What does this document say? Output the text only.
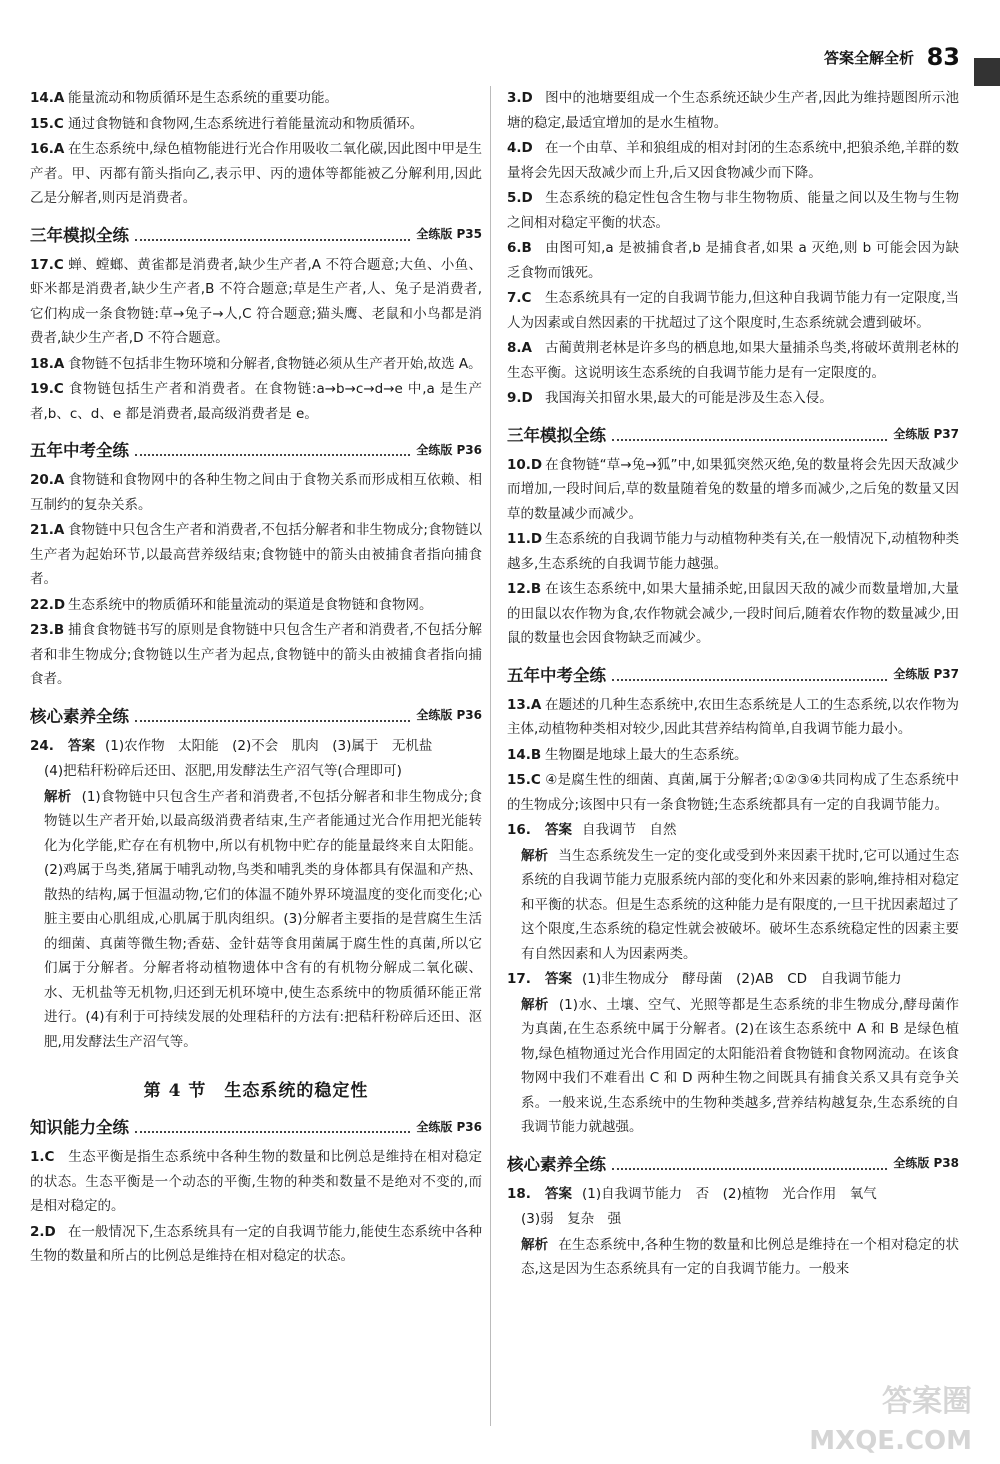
答案全解全析 83
14.A 能量流动和物质循环是生态系统的重要功能。
15.C 通过食物链和食物网,生态系统进行着能量流动和物质循环。
16.A 在生态系统中,绿色植物能进行光合作用吸收二氧化碳,因此图中甲是生产者。甲、丙都有箭头指向乙,表示甲、丙的遗体等都能被乙分解利用,因此乙是分解者,则丙是消费者。
三年模拟全练	全练版 P35
17.C 蝉、螳螂、黄雀都是消费者,缺少生产者,A 不符合题意;大鱼、小鱼、虾米都是消费者,缺少生产者,B 不符合题意;草是生产者,人、兔子是消费者,它们构成一条食物链:草→兔子→人,C 符合题意;猫头鹰、老鼠和小鸟都是消费者,缺少生产者,D 不符合题意。
18.A 食物链不包括非生物环境和分解者,食物链必须从生产者开始,故选 A。
19.C 食物链包括生产者和消费者。在食物链:a→b→c→d→e 中,a 是生产者,b、c、d、e 都是消费者,最高级消费者是 e。
五年中考全练	全练版 P36
20.A 食物链和食物网中的各种生物之间由于食物关系而形成相互依赖、相互制约的复杂关系。
21.A 食物链中只包含生产者和消费者,不包括分解者和非生物成分;食物链以生产者为起始环节,以最高营养级结束;食物链中的箭头由被捕食者指向捕食者。
22.D 生态系统中的物质循环和能量流动的渠道是食物链和食物网。
23.B 捕食食物链书写的原则是食物链中只包含生产者和消费者,不包括分解者和非生物成分;食物链以生产者为起点,食物链中的箭头由被捕食者指向捕食者。
核心素养全练	全练版 P36
24. 答案 (1)农作物　太阳能　(2)不会　肌肉　(3)属于　无机盐
(4)把秸秆粉碎后还田、沤肥,用发酵法生产沼气等(合理即可)
解析 (1)食物链中只包含生产者和消费者,不包括分解者和非生物成分;食物链以生产者开始,以最高级消费者结束,生产者能通过光合作用把光能转化为化学能,贮存在有机物中,所以有机物中贮存的能量最终来自太阳能。(2)鸡属于鸟类,猪属于哺乳动物,鸟类和哺乳类的身体都具有保温和产热、散热的结构,属于恒温动物,它们的体温不随外界环境温度的变化而变化;心脏主要由心肌组成,心肌属于肌肉组织。(3)分解者主要指的是营腐生生活的细菌、真菌等微生物;香菇、金针菇等食用菌属于腐生性的真菌,所以它们属于分解者。分解者将动植物遗体中含有的有机物分解成二氧化碳、水、无机盐等无机物,归还到无机环境中,使生态系统中的物质循环能正常进行。(4)有利于可持续发展的处理秸秆的方法有:把秸秆粉碎后还田、沤肥,用发酵法生产沼气等。
第 4 节　生态系统的稳定性
知识能力全练	全练版 P36
1.C 生态平衡是指生态系统中各种生物的数量和比例总是维持在相对稳定的状态。生态平衡是一个动态的平衡,生物的种类和数量不是绝对不变的,而是相对稳定的。
2.D 在一般情况下,生态系统具有一定的自我调节能力,能使生态系统中各种生物的数量和所占的比例总是维持在相对稳定的状态。
3.D 图中的池塘要组成一个生态系统还缺少生产者,因此为维持题图所示池塘的稳定,最适宜增加的是水生植物。
4.D 在一个由草、羊和狼组成的相对封闭的生态系统中,把狼杀绝,羊群的数量将会先因天敌减少而上升,后又因食物减少而下降。
5.D 生态系统的稳定性包含生物与非生物物质、能量之间以及生物与生物之间相对稳定平衡的状态。
6.B 由图可知,a 是被捕食者,b 是捕食者,如果 a 灭绝,则 b 可能会因为缺乏食物而饿死。
7.C 生态系统具有一定的自我调节能力,但这种自我调节能力有一定限度,当人为因素或自然因素的干扰超过了这个限度时,生态系统就会遭到破坏。
8.A 古蔺黄荆老林是许多鸟的栖息地,如果大量捕杀鸟类,将破坏黄荆老林的生态平衡。这说明该生态系统的自我调节能力是有一定限度的。
9.D 我国海关扣留水果,最大的可能是涉及生态入侵。
三年模拟全练	全练版 P37
10.D 在食物链“草→兔→狐”中,如果狐突然灭绝,兔的数量将会先因天敌减少而增加,一段时间后,草的数量随着兔的数量的增多而减少,之后兔的数量又因草的数量减少而减少。
11.D 生态系统的自我调节能力与动植物种类有关,在一般情况下,动植物种类越多,生态系统的自我调节能力越强。
12.B 在该生态系统中,如果大量捕杀蛇,田鼠因天敌的减少而数量增加,大量的田鼠以农作物为食,农作物就会减少,一段时间后,随着农作物的数量减少,田鼠的数量也会因食物缺乏而减少。
五年中考全练	全练版 P37
13.A 在题述的几种生态系统中,农田生态系统是人工的生态系统,以农作物为主体,动植物种类相对较少,因此其营养结构简单,自我调节能力最小。
14.B 生物圈是地球上最大的生态系统。
15.C ④是腐生性的细菌、真菌,属于分解者;①②③④共同构成了生态系统中的生物成分;该图中只有一条食物链;生态系统都具有一定的自我调节能力。
16. 答案 自我调节　自然
解析 当生态系统发生一定的变化或受到外来因素干扰时,它可以通过生态系统的自我调节能力克服系统内部的变化和外来因素的影响,维持相对稳定和平衡的状态。但是生态系统的这种能力是有限度的,一旦干扰因素超过了这个限度,生态系统的稳定性就会被破坏。破坏生态系统稳定性的因素主要有自然因素和人为因素两类。
17. 答案 (1)非生物成分　酵母菌　(2)AB　CD　自我调节能力
解析 (1)水、土壤、空气、光照等都是生态系统的非生物成分,酵母菌作为真菌,在生态系统中属于分解者。(2)在该生态系统中 A 和 B 是绿色植物,绿色植物通过光合作用固定的太阳能沿着食物链和食物网流动。在该食物网中我们不难看出 C 和 D 两种生物之间既具有捕食关系又具有竞争关系。一般来说,生态系统中的生物种类越多,营养结构越复杂,生态系统的自我调节能力就越强。
核心素养全练	全练版 P38
18. 答案 (1)自我调节能力　否　(2)植物　光合作用　氧气
(3)弱　复杂　强
解析 在生态系统中,各种生物的数量和比例总是维持在一个相对稳定的状态,这是因为生态系统具有一定的自我调节能力。一般来
答案圈
MXQE.COM
